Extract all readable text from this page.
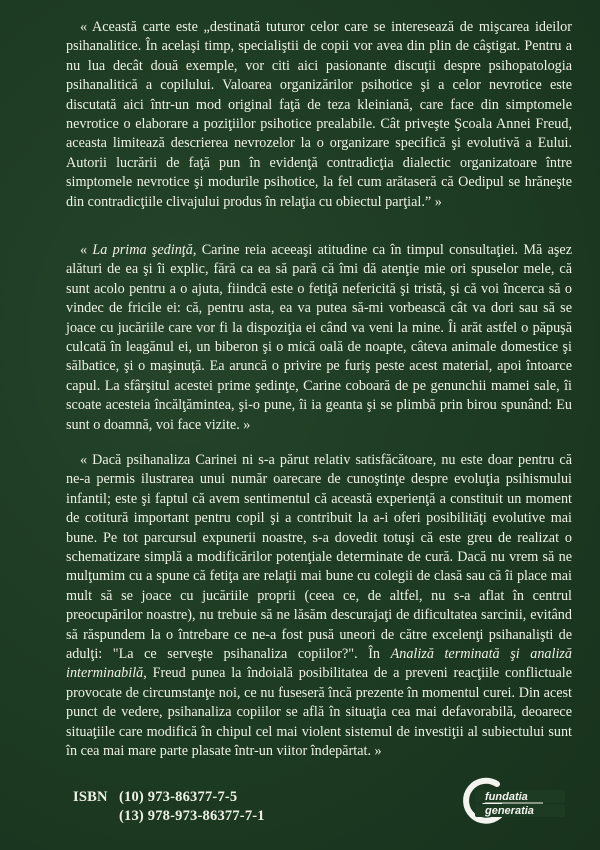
« Această carte este „destinată tuturor celor care se interesează de mişcarea ideilor psihanalitice. În acelaşi timp, specialiştii de copii vor avea din plin de câştigat. Pentru a nu lua decât două exemple, vor citi aici pasionante discuţii despre psihopatologia psihanalitică a copilului. Valoarea organizărilor psihotice şi a celor nevrotice este discutată aici într-un mod original faţă de teza kleiniană, care face din simptomele nevrotice o elaborare a poziţiilor psihotice prealabile. Cât priveşte Şcoala Annei Freud, aceasta limitează descrierea nevrozelor la o organizare specifică şi evolutivă a Eului. Autorii lucrării de faţă pun în evidenţă contradicţia dialectic organizatoare între simptomele nevrotice şi modurile psihotice, la fel cum arătaseră că Oedipul se hrăneşte din contradicţiile clivajului produs în relaţia cu obiectul parţial.” »

« La prima şedinţă, Carine reia aceeaşi atitudine ca în timpul consultaţiei. Mă aşez alături de ea şi îi explic, fără ca ea să pară că îmi dă atenţie mie ori spuselor mele, că sunt acolo pentru a o ajuta, fiindcă este o fetiţă nefericită şi tristă, şi că voi încerca să o vindec de fricile ei: că, pentru asta, ea va putea să-mi vorbească cât va dori sau să se joace cu jucăriile care vor fi la dispoziţia ei când va veni la mine. Îi arăt astfel o păpuşă culcată în leagănul ei, un biberon şi o mică oală de noapte, câteva animale domestice şi sălbatice, şi o maşinuţă. Ea aruncă o privire pe furiş peste acest material, apoi întoarce capul. La sfârşitul acestei prime şedinţe, Carine coboară de pe genunchii mamei sale, îi scoate acesteia încălţămintea, şi-o pune, îi ia geanta şi se plimbă prin birou spunând: Eu sunt o doamnă, voi face vizite. »

« Dacă psihanaliza Carinei ni s-a părut relativ satisfăcătoare, nu este doar pentru că ne-a permis ilustrarea unui număr oarecare de cunoştinţe despre evoluţia psihismului infantil; este şi faptul că avem sentimentul că această experienţă a constituit un moment de cotitură important pentru copil şi a contribuit la a-i oferi posibilităţi evolutive mai bune. Pe tot parcursul expunerii noastre, s-a dovedit totuşi că este greu de realizat o schematizare simplă a modificărilor potenţiale determinate de cură. Dacă nu vrem să ne mulţumim cu a spune că fetiţa are relaţii mai bune cu colegii de clasă sau că îi place mai mult să se joace cu jucăriile proprii (ceea ce, de altfel, nu s-a aflat în centrul preocupărilor noastre), nu trebuie să ne lăsăm descurajaţi de dificultatea sarcinii, evitând să răspundem la o întrebare ce ne-a fost pusă uneori de către excelenţi psihanalişti de adulţi: "La ce serveşte psihanaliza copiilor?". În Analiză terminată şi analiză interminabilă, Freud punea la îndoială posibilitatea de a preveni reacţiile conflictuale provocate de circumstanţe noi, ce nu fuseseră încă prezente în momentul curei. Din acest punct de vedere, psihanaliza copiilor se află în situaţia cea mai defavorabilă, deoarece situaţiile care modifică în chipul cel mai violent sistemul de investiţii al subiectului sunt în cea mai mare parte plasate într-un viitor îndepărtat. »

ISBN (10) 973-86377-7-5
(13) 978-973-86377-7-1
fundatia
generatia
